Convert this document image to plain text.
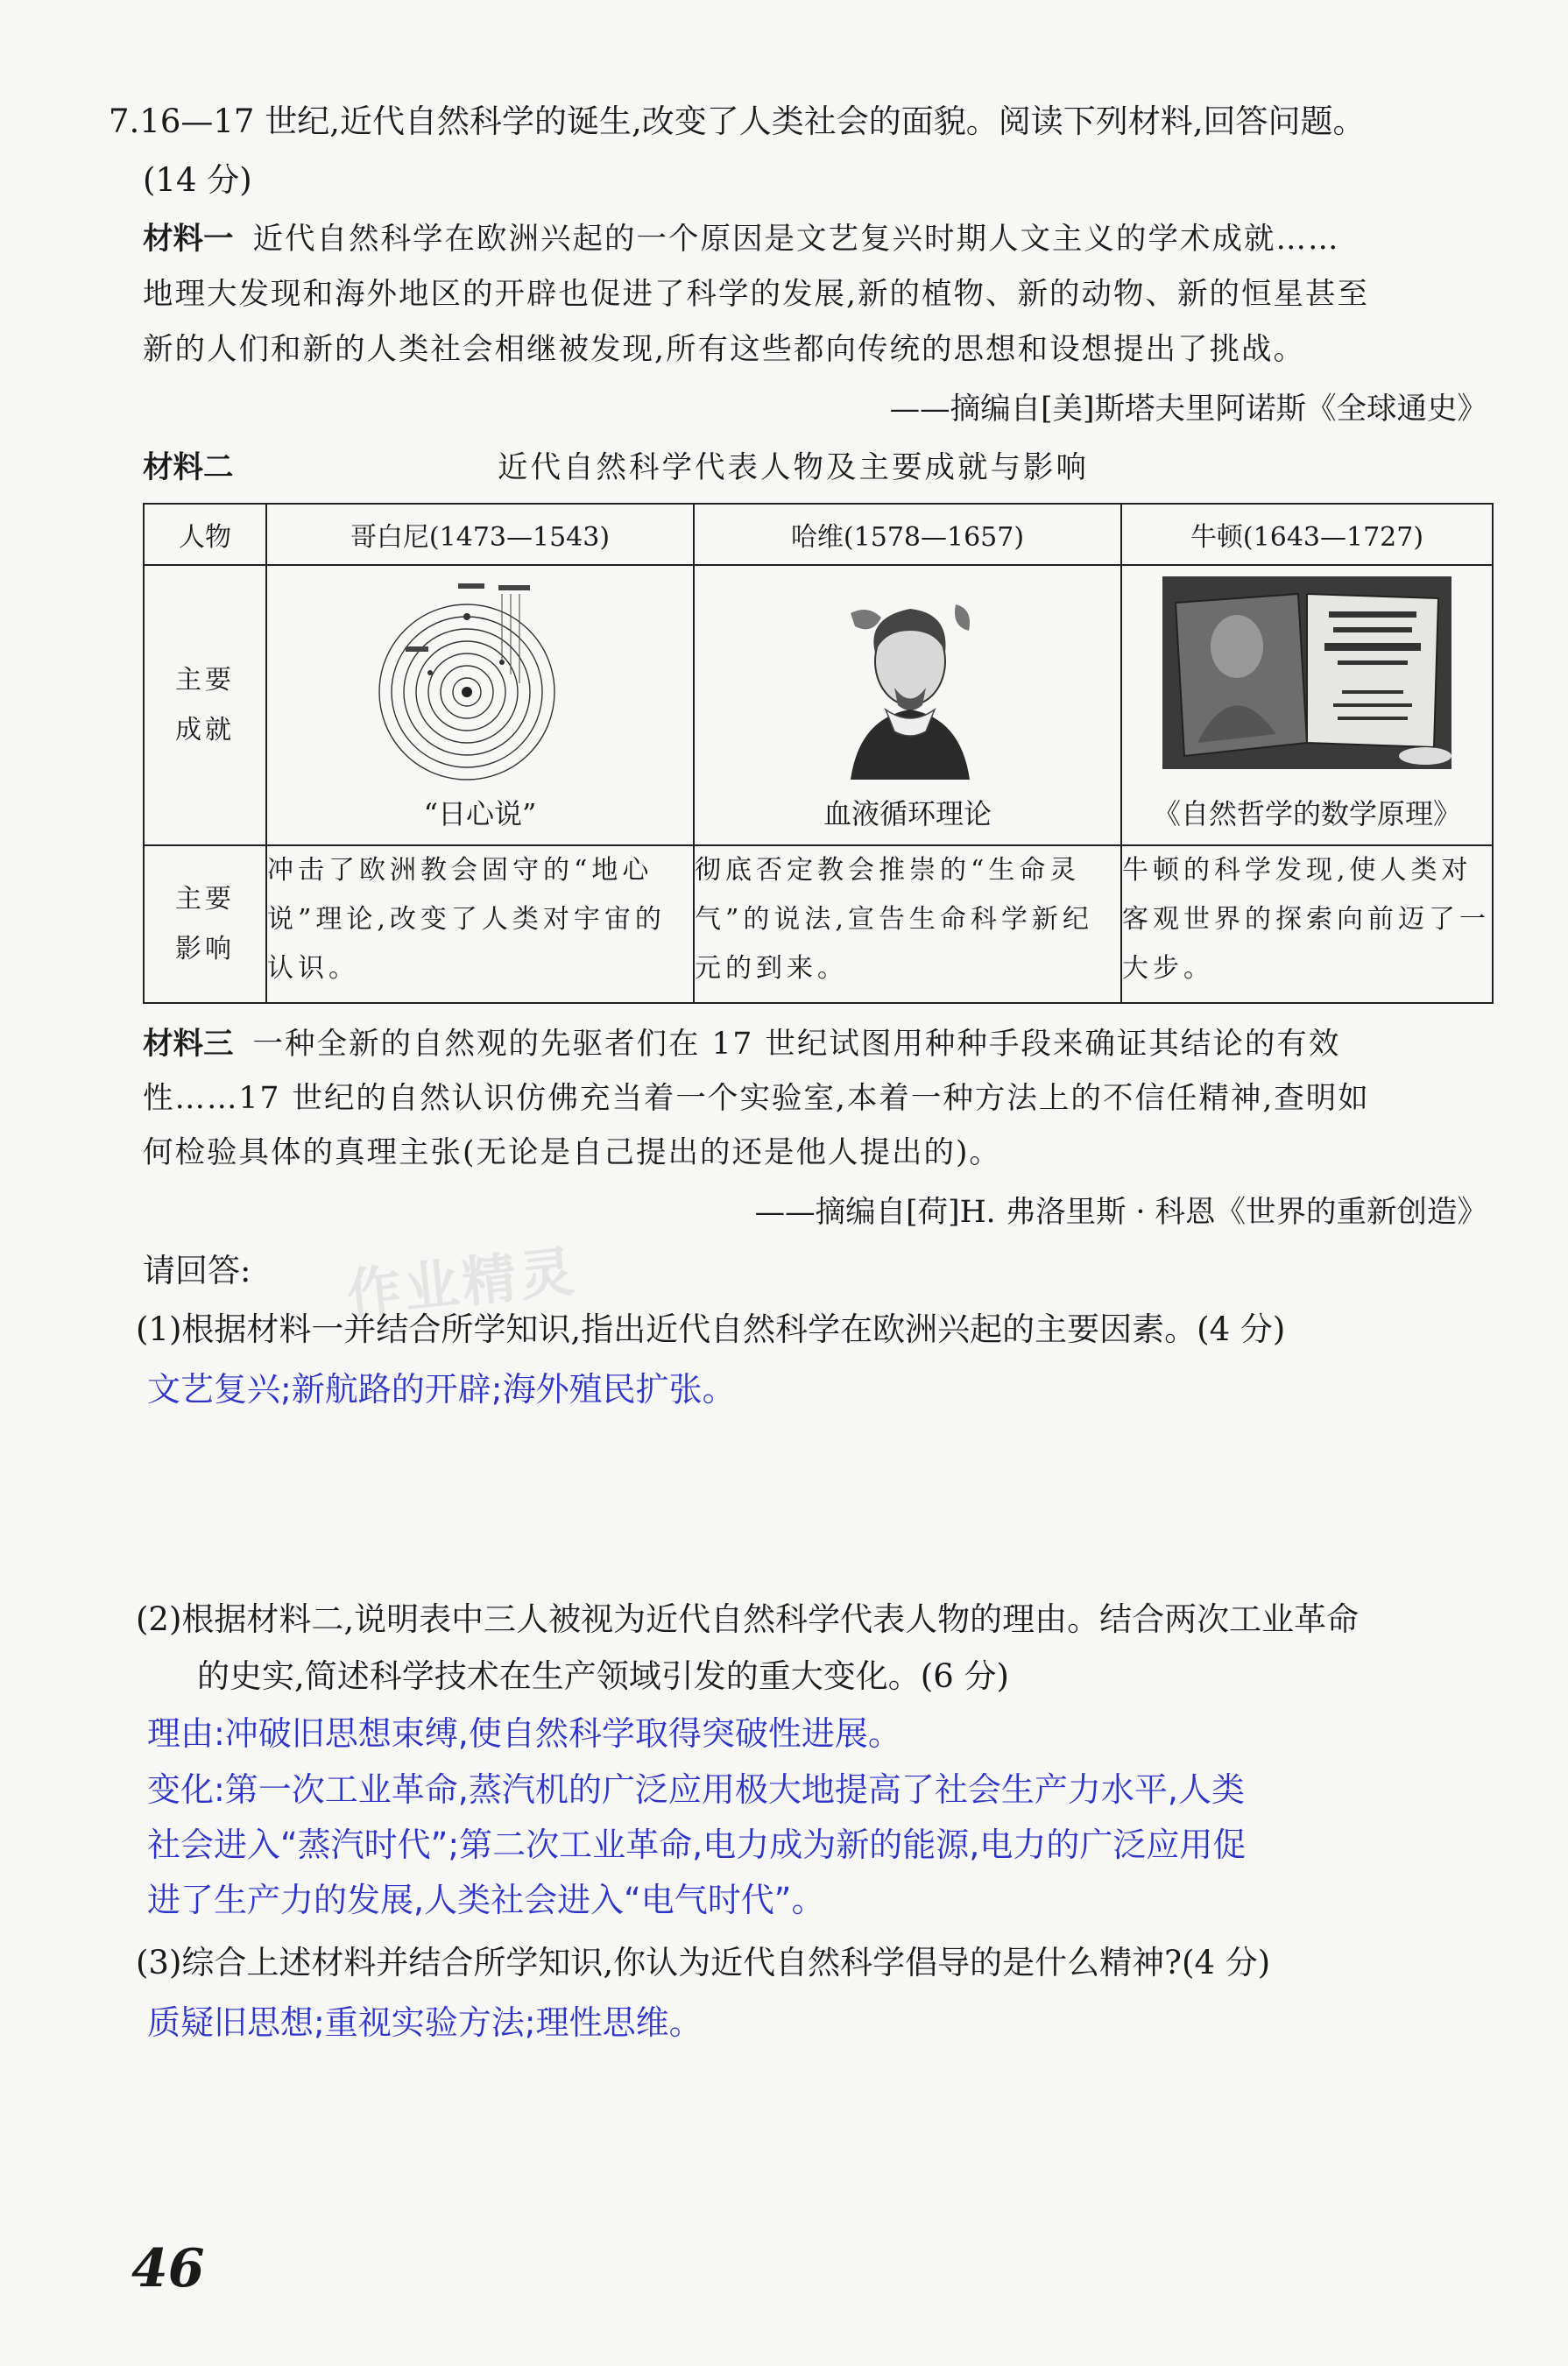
7.16—17 世纪,近代自然科学的诞生,改变了人类社会的面貌。阅读下列材料,回答问题。
(14 分)
材料一 近代自然科学在欧洲兴起的一个原因是文艺复兴时期人文主义的学术成就……
地理大发现和海外地区的开辟也促进了科学的发展,新的植物、新的动物、新的恒星甚至
新的人们和新的人类社会相继被发现,所有这些都向传统的思想和设想提出了挑战。
——摘编自[美]斯塔夫里阿诺斯《全球通史》
材料二	近代自然科学代表人物及主要成就与影响
人物	哥白尼(1473—1543)	哈维(1578—1657)	牛顿(1643—1727)

主要
成就	“日心说”	血液循环理论	《自然哲学的数学原理》

主要
影响	冲击了欧洲教会固守的“地心说”理论,改变了人类对宇宙的认识。	彻底否定教会推崇的“生命灵气”的说法,宣告生命科学新纪元的到来。	牛顿的科学发现,使人类对客观世界的探索向前迈了一大步。
材料三 一种全新的自然观的先驱者们在 17 世纪试图用种种手段来确证其结论的有效
性……17 世纪的自然认识仿佛充当着一个实验室,本着一种方法上的不信任精神,查明如
何检验具体的真理主张(无论是自己提出的还是他人提出的)。
——摘编自[荷]H. 弗洛里斯 · 科恩《世界的重新创造》
请回答: 作业精灵
(1)根据材料一并结合所学知识,指出近代自然科学在欧洲兴起的主要因素。(4 分)
文艺复兴;新航路的开辟;海外殖民扩张。
(2)根据材料二,说明表中三人被视为近代自然科学代表人物的理由。结合两次工业革命
的史实,简述科学技术在生产领域引发的重大变化。(6 分)
理由:冲破旧思想束缚,使自然科学取得突破性进展。
变化:第一次工业革命,蒸汽机的广泛应用极大地提高了社会生产力水平,人类
社会进入“蒸汽时代”;第二次工业革命,电力成为新的能源,电力的广泛应用促
进了生产力的发展,人类社会进入“电气时代”。
(3)综合上述材料并结合所学知识,你认为近代自然科学倡导的是什么精神?(4 分)
质疑旧思想;重视实验方法;理性思维。
46
